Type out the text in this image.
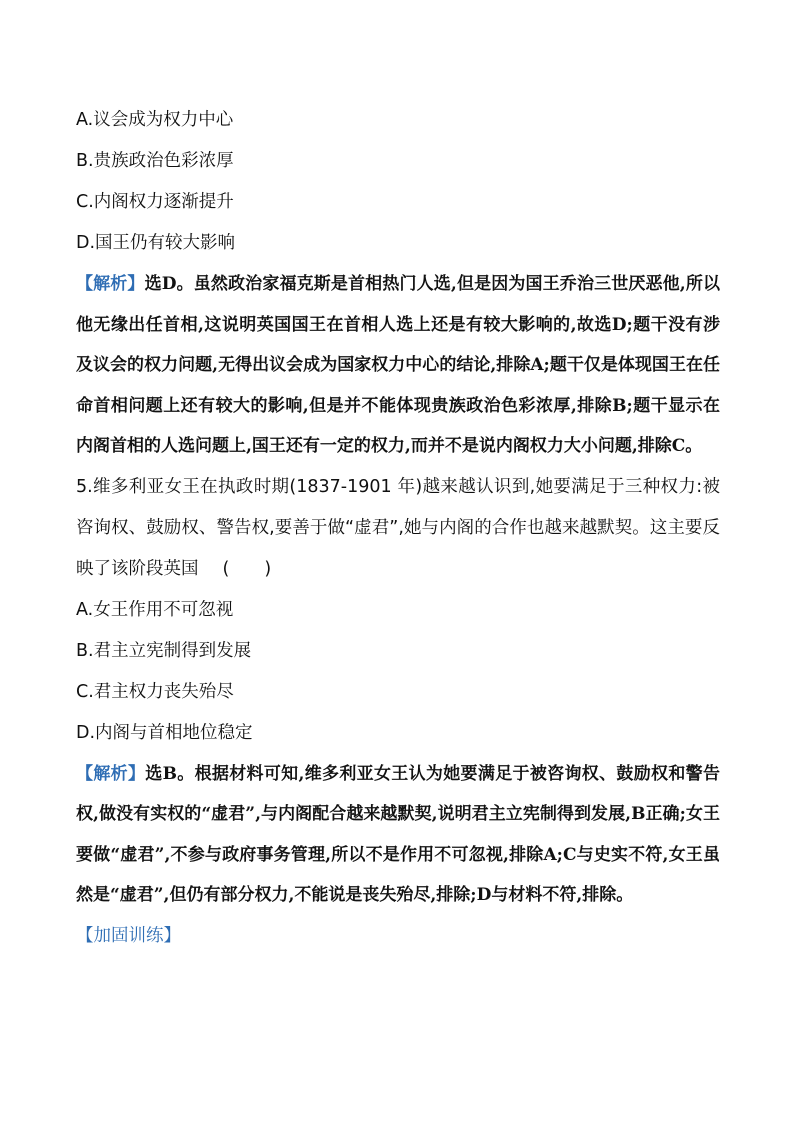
A.议会成为权力中心

B.贵族政治色彩浓厚

C.内阁权力逐渐提升

D.国王仍有较大影响

【解析】选D。虽然政治家福克斯是首相热门人选,但是因为国王乔治三世厌恶他,所以他无缘出任首相,这说明英国国王在首相人选上还是有较大影响的,故选D;题干没有涉及议会的权力问题,无得出议会成为国家权力中心的结论,排除A;题干仅是体现国王在任命首相问题上还有较大的影响,但是并不能体现贵族政治色彩浓厚,排除B;题干显示在内阁首相的人选问题上,国王还有一定的权力,而并不是说内阁权力大小问题,排除C。

5.维多利亚女王在执政时期(1837-1901 年)越来越认识到,她要满足于三种权力:被咨询权、鼓励权、警告权,要善于做“虚君”,她与内阁的合作也越来越默契。这主要反映了该阶段英国 (　　)

A.女王作用不可忽视

B.君主立宪制得到发展

C.君主权力丧失殆尽

D.内阁与首相地位稳定

【解析】选B。根据材料可知,维多利亚女王认为她要满足于被咨询权、鼓励权和警告权,做没有实权的“虚君”,与内阁配合越来越默契,说明君主立宪制得到发展,B正确;女王要做“虚君”,不参与政府事务管理,所以不是作用不可忽视,排除A;C与史实不符,女王虽然是“虚君”,但仍有部分权力,不能说是丧失殆尽,排除;D与材料不符,排除。

【加固训练】
